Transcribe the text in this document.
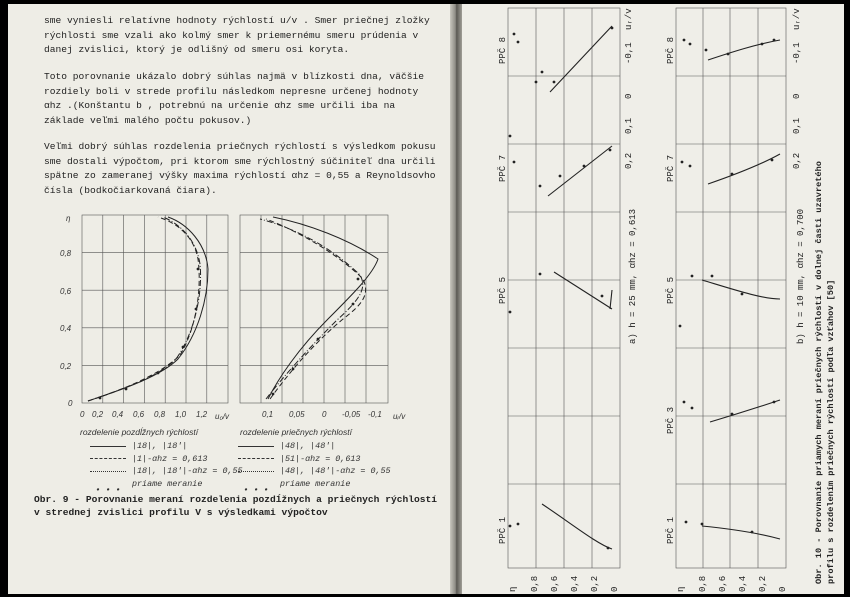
sme vyniesli relatívne hodnoty rýchlostí u/v . Smer priečnej zložky rýchlosti sme vzali ako kolmý smer k priemernému smeru prúdenia v danej zvislici, ktorý je odlišný od smeru osi koryta.

Toto porovnanie ukázalo dobrý súhlas najmä v blízkosti dna, väčšie rozdiely boli v strede profilu následkom nepresne určenej hodnoty αhz .(Konštantu b , potrebnú na určenie αhz sme určili iba na základe veľmi malého počtu pokusov.)

Veľmi dobrý súhlas rozdelenia priečnych rýchlostí s výsledkom pokusu sme dostali výpočtom, pri ktorom sme rýchlostný súčiniteľ dna určili spätne zo zameranej výšky maxima rýchlostí αhz = 0,55 a Reynoldsovho čísla (bodkočiarkovaná čiara).

η
0,8
0,6
0,4
0,2
0
0 0,2 0,4 0,6 0,8 1,0 1,2 u₀/v	0,1 0,05 0 -0,05 -0,1 uᵣ/v
rozdelenie pozdĺžnych rýchlostí	rozdelenie priečnych rýchlostí
|18|, |18'|
|1|-αhz = 0,613
|18|, |18'|-αhz = 0,55
• • •
priame meranie
|48|, |48'|
|51|-αhz = 0,613
|48|, |48'|-αhz = 0,55
• • •
priame meranie
Obr. 9 - Porovnanie meraní rozdelenia pozdĺžnych a priečnych rýchlostí v strednej zvislici profilu V s výsledkami výpočtov
PPČ 8
PPČ 7
PPČ 5
PPČ 1
PPČ 8
PPČ 7
PPČ 5
PPČ 3
PPČ 1
-0,1
0
0,1
0,2
-0,1
0
0,1
0,2
uᵣ/v	uᵣ/v
η 0,8 0,6 0,4 0,2 0	η 0,8 0,6 0,4 0,2 0
a) h = 25 mm, αhz = 0,613	b) h = 10 mm, αhz = 0,700 Obr. 10 - Porovnanie priamych meraní priečnych rýchlostí v dolnej časti uzavretého profilu s rozdelením priečnych rýchlostí podľa vzťahov [50]
